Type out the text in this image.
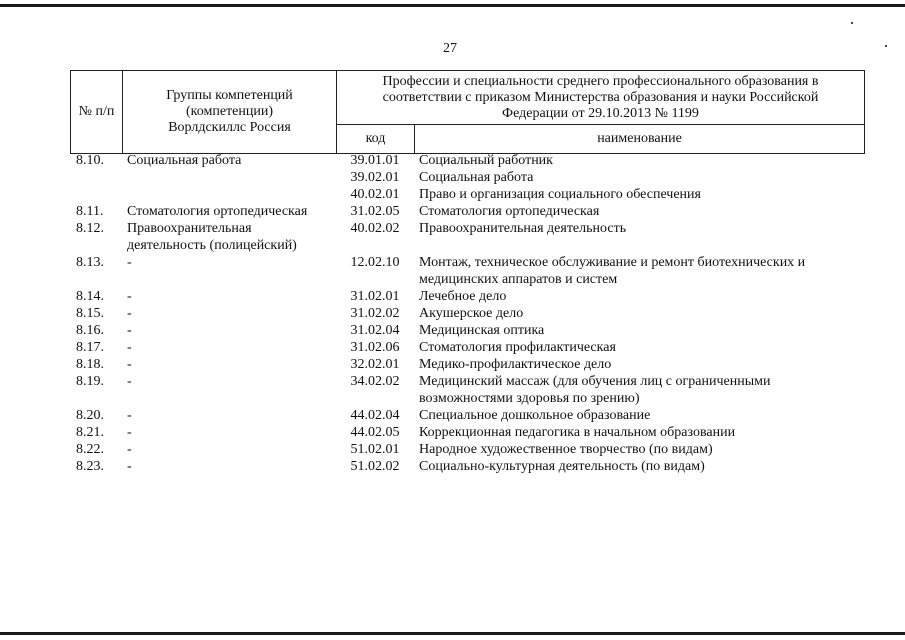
27
№ п/п	Группы компетенций (компетенции) Ворлдскиллс Россия	Профессии и специальности среднего профессионального образования в соответствии с приказом Министерства образования и науки Российской Федерации от 29.10.2013 № 1199	
		код	наименование
8.10.	Социальная работа	39.01.01	Социальный работник
		39.02.01	Социальная работа
		40.02.01	Право и организация социального обеспечения
8.11.	Стоматология ортопедическая	31.02.05	Стоматология ортопедическая
8.12.	Правоохранительная деятельность (полицейский)	40.02.02	Правоохранительная деятельность
8.13.	-	12.02.10	Монтаж, техническое обслуживание и ремонт биотехнических и медицинских аппаратов и систем
8.14.	-	31.02.01	Лечебное дело
8.15.	-	31.02.02	Акушерское дело
8.16.	-	31.02.04	Медицинская оптика
8.17.	-	31.02.06	Стоматология профилактическая
8.18.	-	32.02.01	Медико-профилактическое дело
8.19.	-	34.02.02	Медицинский массаж (для обучения лиц с ограниченными возможностями здоровья по зрению)
8.20.	-	44.02.04	Специальное дошкольное образование
8.21.	-	44.02.05	Коррекционная педагогика в начальном образовании
8.22.	-	51.02.01	Народное художественное творчество (по видам)
8.23.	-	51.02.02	Социально-культурная деятельность (по видам)
